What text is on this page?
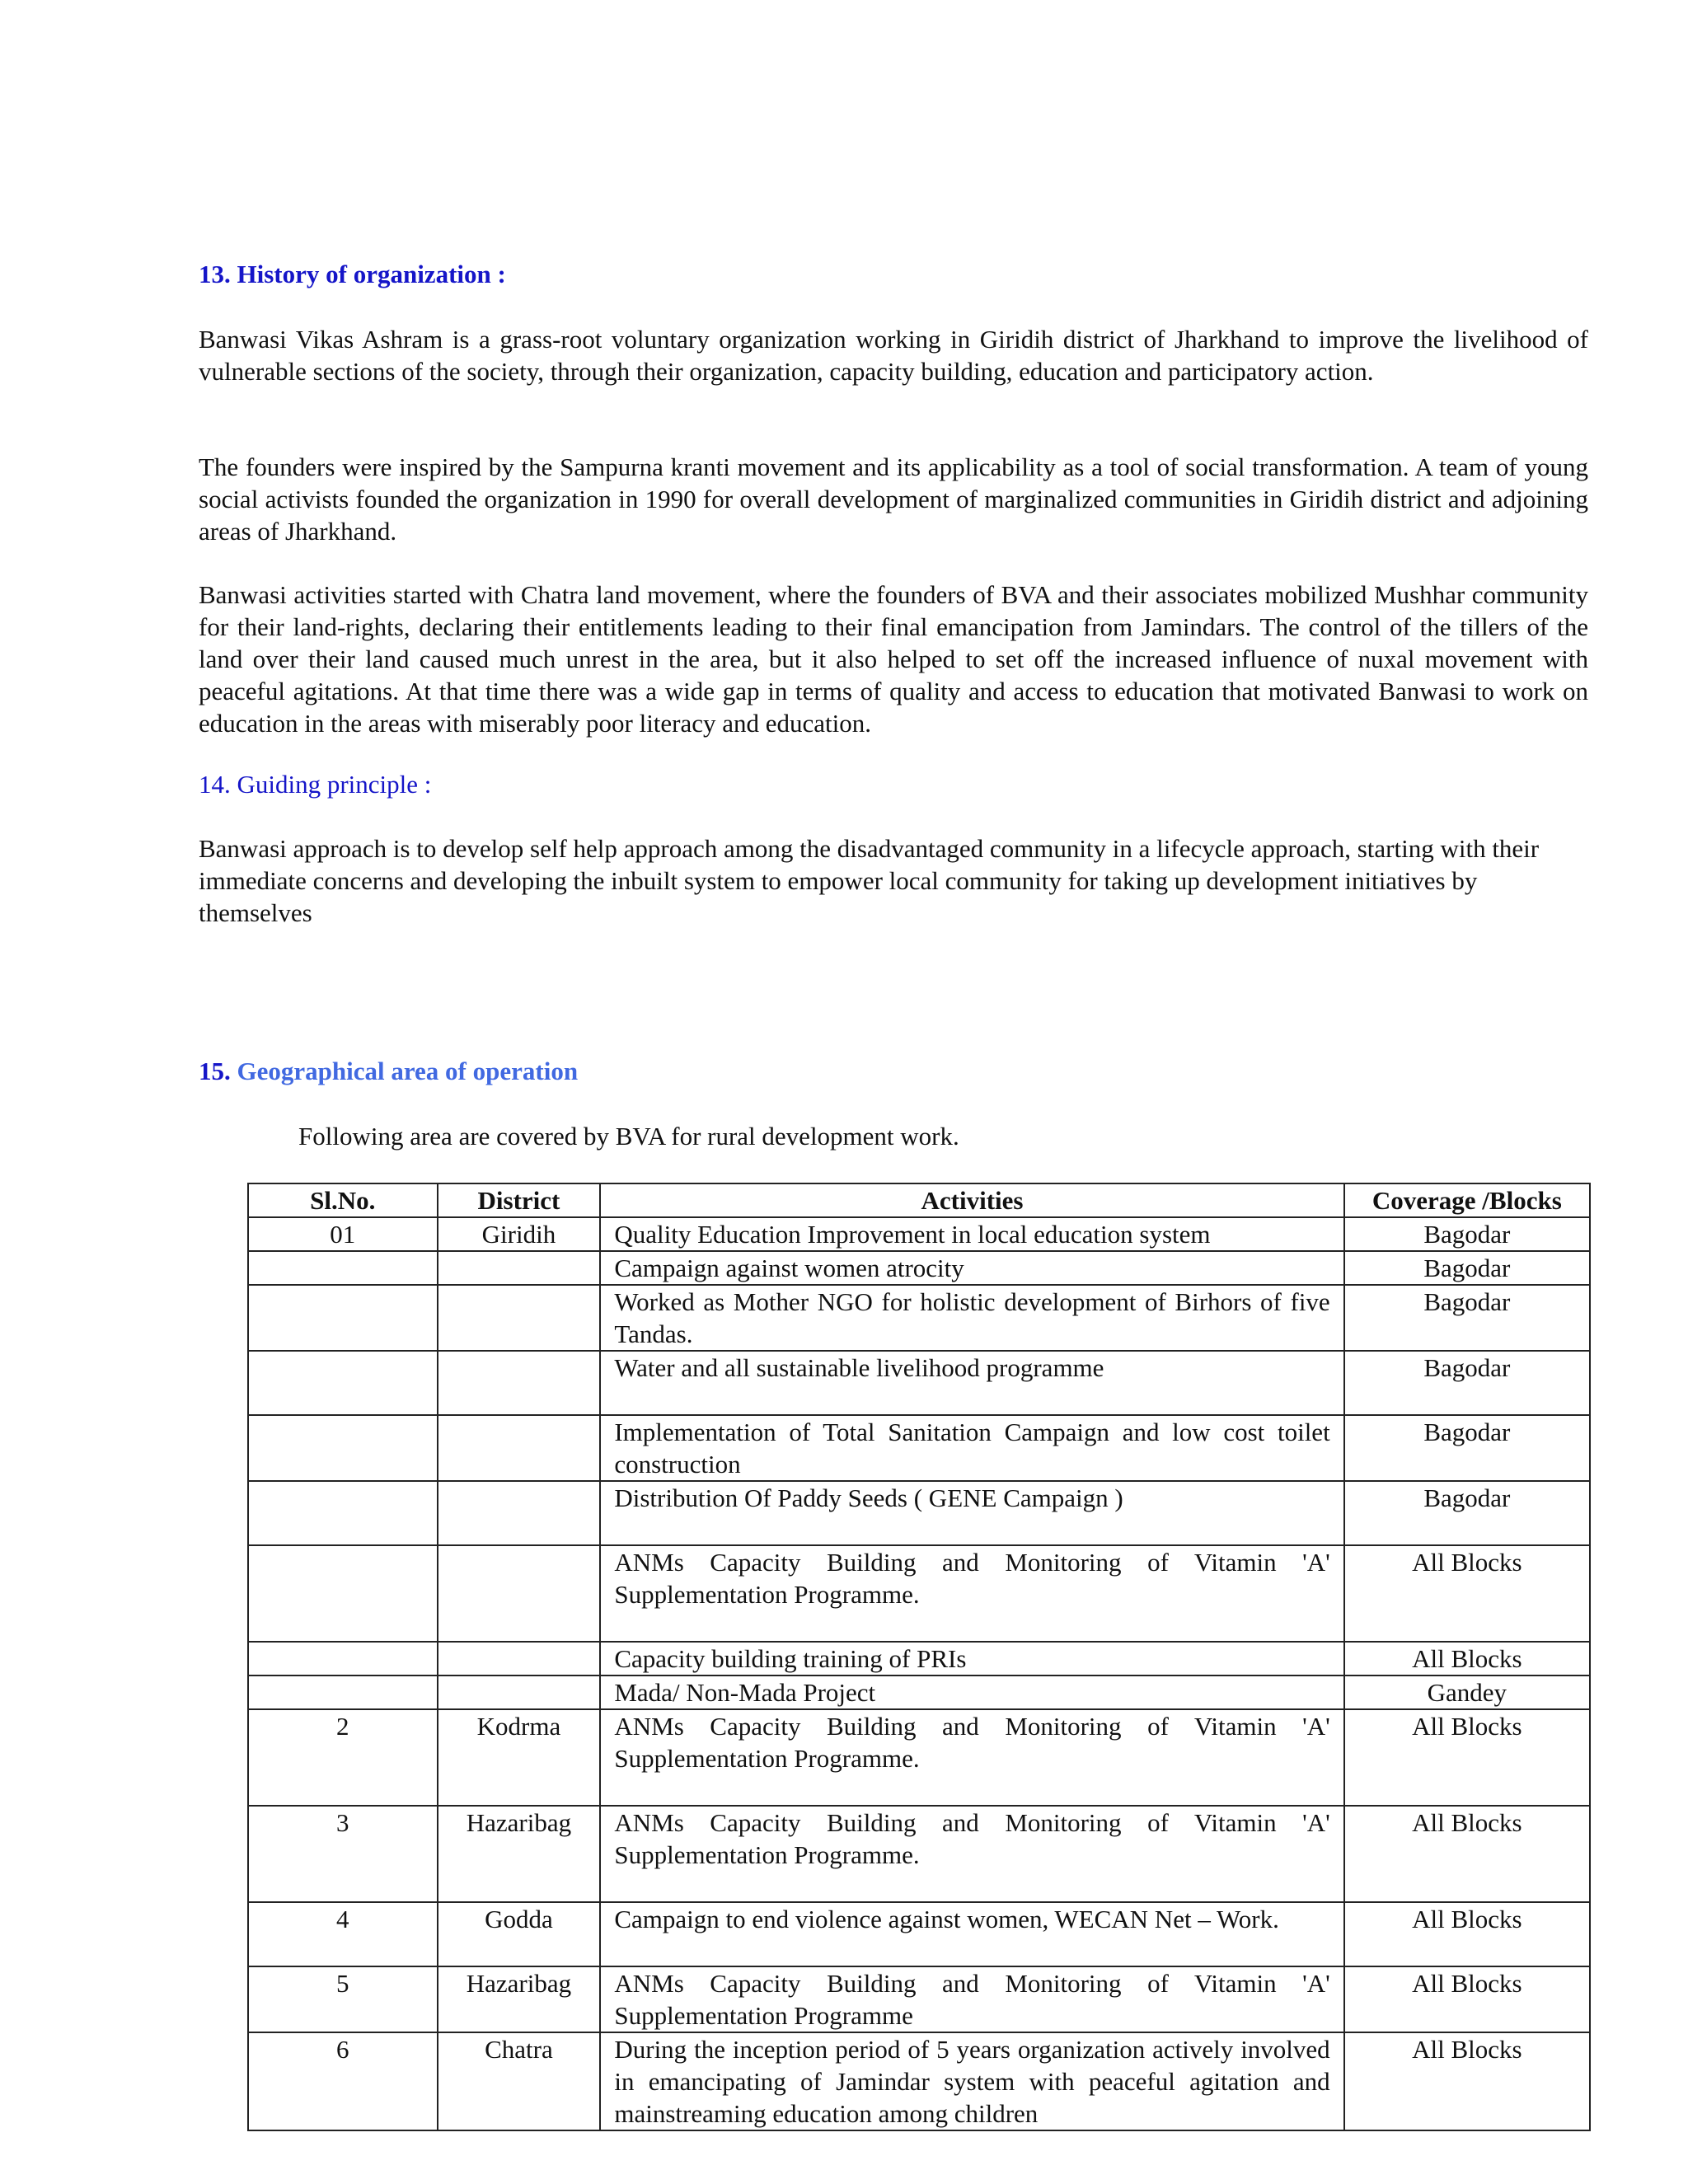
13. History of organization :

Banwasi Vikas Ashram is a grass-root voluntary organization working in Giridih district of Jharkhand to improve the livelihood of vulnerable sections of the society, through their organization, capacity building, education and participatory action.

The founders were inspired by the Sampurna kranti movement and its applicability as a tool of social transformation. A team of young social activists founded the organization in 1990 for overall development of marginalized communities in Giridih district and adjoining areas of Jharkhand.

Banwasi activities started with Chatra land movement, where the founders of BVA and their associates mobilized Mushhar community for their land-rights, declaring their entitlements leading to their final emancipation from Jamindars. The control of the tillers of the land over their land caused much unrest in the area, but it also helped to set off the increased influence of nuxal movement with peaceful agitations. At that time there was a wide gap in terms of quality and access to education that motivated Banwasi to work on education in the areas with miserably poor literacy and education.

14. Guiding principle :

Banwasi approach is to develop self help approach among the disadvantaged community in a lifecycle approach, starting with their immediate concerns and developing the inbuilt system to empower local community for taking up development initiatives by themselves

15. Geographical area of operation

Following area are covered by BVA for rural development work.

Sl.No.	District	Activities	Coverage /Blocks
01	Giridih	Quality Education Improvement in local education system	Bagodar
		Campaign against women atrocity	Bagodar
		Worked as Mother NGO for holistic development of Birhors of five Tandas.	Bagodar
		Water and all sustainable livelihood programme	Bagodar
		Implementation of Total Sanitation Campaign and low cost toilet construction	Bagodar
		Distribution Of Paddy Seeds ( GENE Campaign )	Bagodar
		ANMs Capacity Building and Monitoring of Vitamin 'A' Supplementation Programme.	All Blocks
		Capacity building training of PRIs	All Blocks
		Mada/ Non-Mada Project	Gandey
2	Kodrma	ANMs Capacity Building and Monitoring of Vitamin 'A' Supplementation Programme.	All Blocks
3	Hazaribag	ANMs Capacity Building and Monitoring of Vitamin 'A' Supplementation Programme.	All Blocks
4	Godda	Campaign to end violence against women, WECAN Net – Work.	All Blocks
5	Hazaribag	ANMs Capacity Building and Monitoring of Vitamin 'A' Supplementation Programme	All Blocks
6	Chatra	During the inception period of 5 years organization actively involved in emancipating of Jamindar system with peaceful agitation and mainstreaming education among children	All Blocks
